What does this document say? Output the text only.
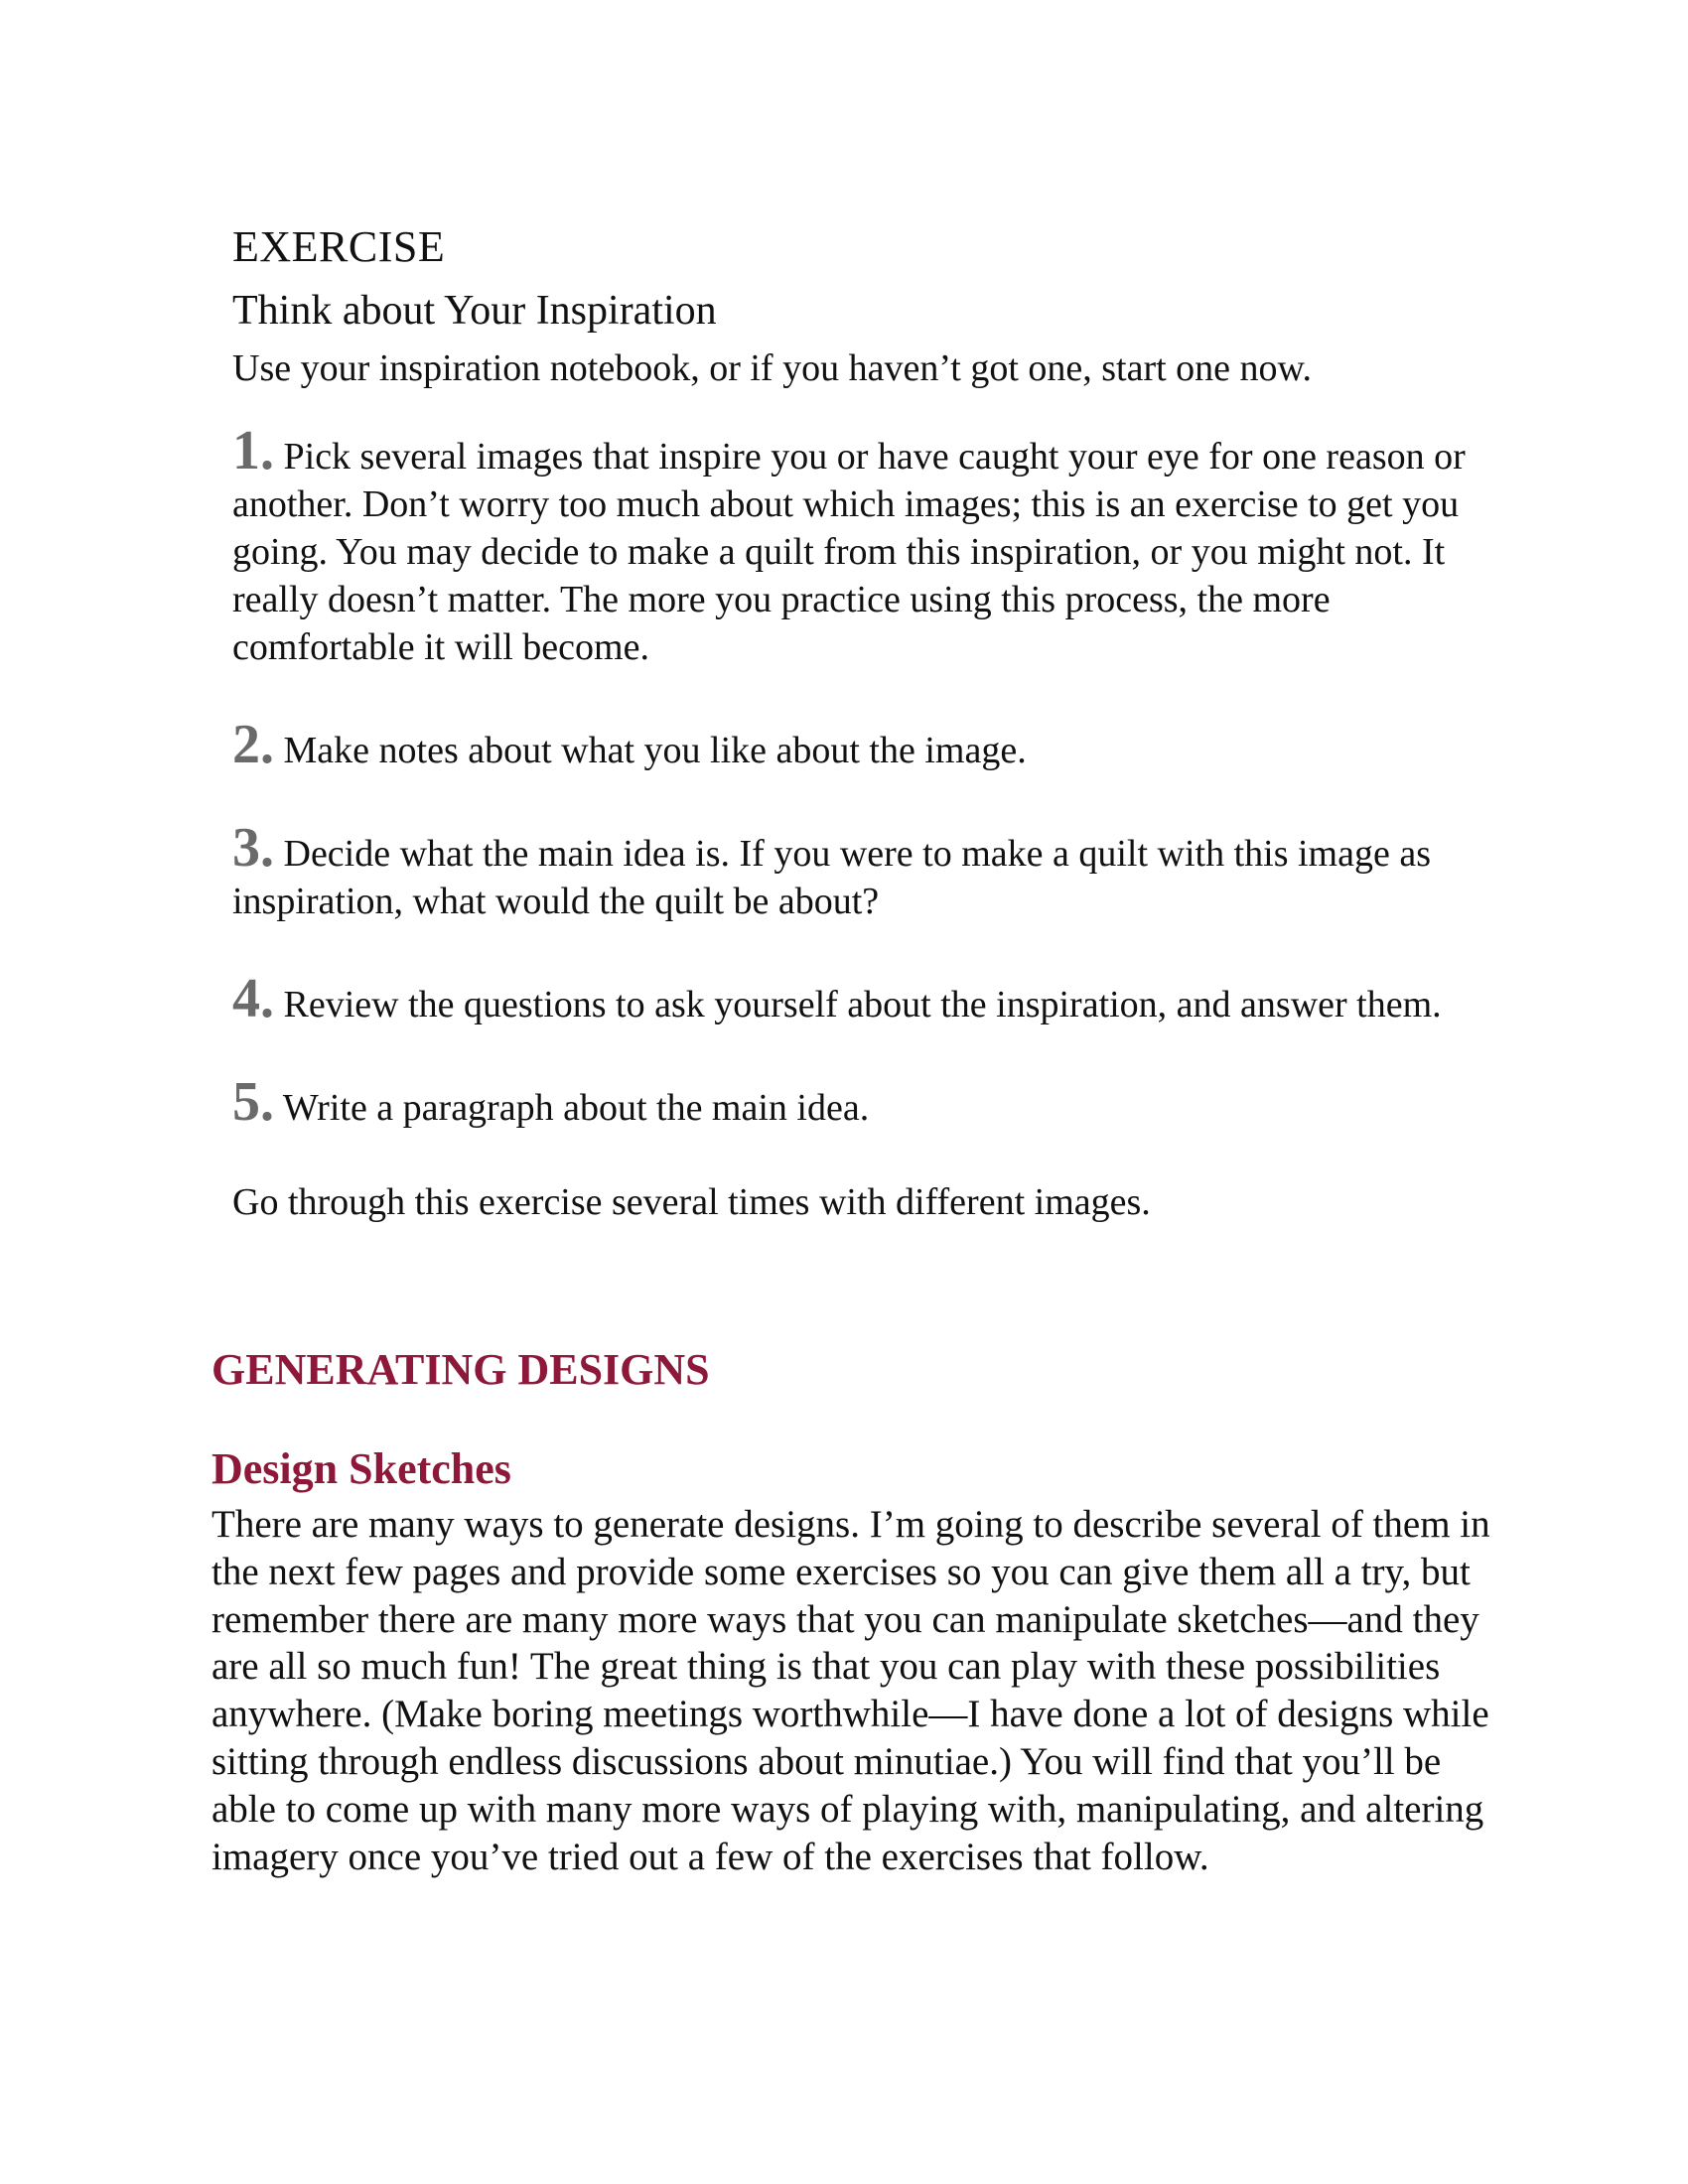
EXERCISE
Think about Your Inspiration

Use your inspiration notebook, or if you haven’t got one, start one now.

1. Pick several images that inspire you or have caught your eye for one reason or another. Don’t worry too much about which images; this is an exercise to get you going. You may decide to make a quilt from this inspiration, or you might not. It really doesn’t matter. The more you practice using this process, the more comfortable it will become.
2. Make notes about what you like about the image.
3. Decide what the main idea is. If you were to make a quilt with this image as inspiration, what would the quilt be about?
4. Review the questions to ask yourself about the inspiration, and answer them.
5. Write a paragraph about the main idea.

Go through this exercise several times with different images.

GENERATING DESIGNS
Design Sketches

There are many ways to generate designs. I’m going to describe several of them in the next few pages and provide some exercises so you can give them all a try, but remember there are many more ways that you can manipulate sketches—and they are all so much fun! The great thing is that you can play with these possibilities anywhere. (Make boring meetings worthwhile—I have done a lot of designs while sitting through endless discussions about minutiae.) You will find that you’ll be able to come up with many more ways of playing with, manipulating, and altering imagery once you’ve tried out a few of the exercises that follow.
